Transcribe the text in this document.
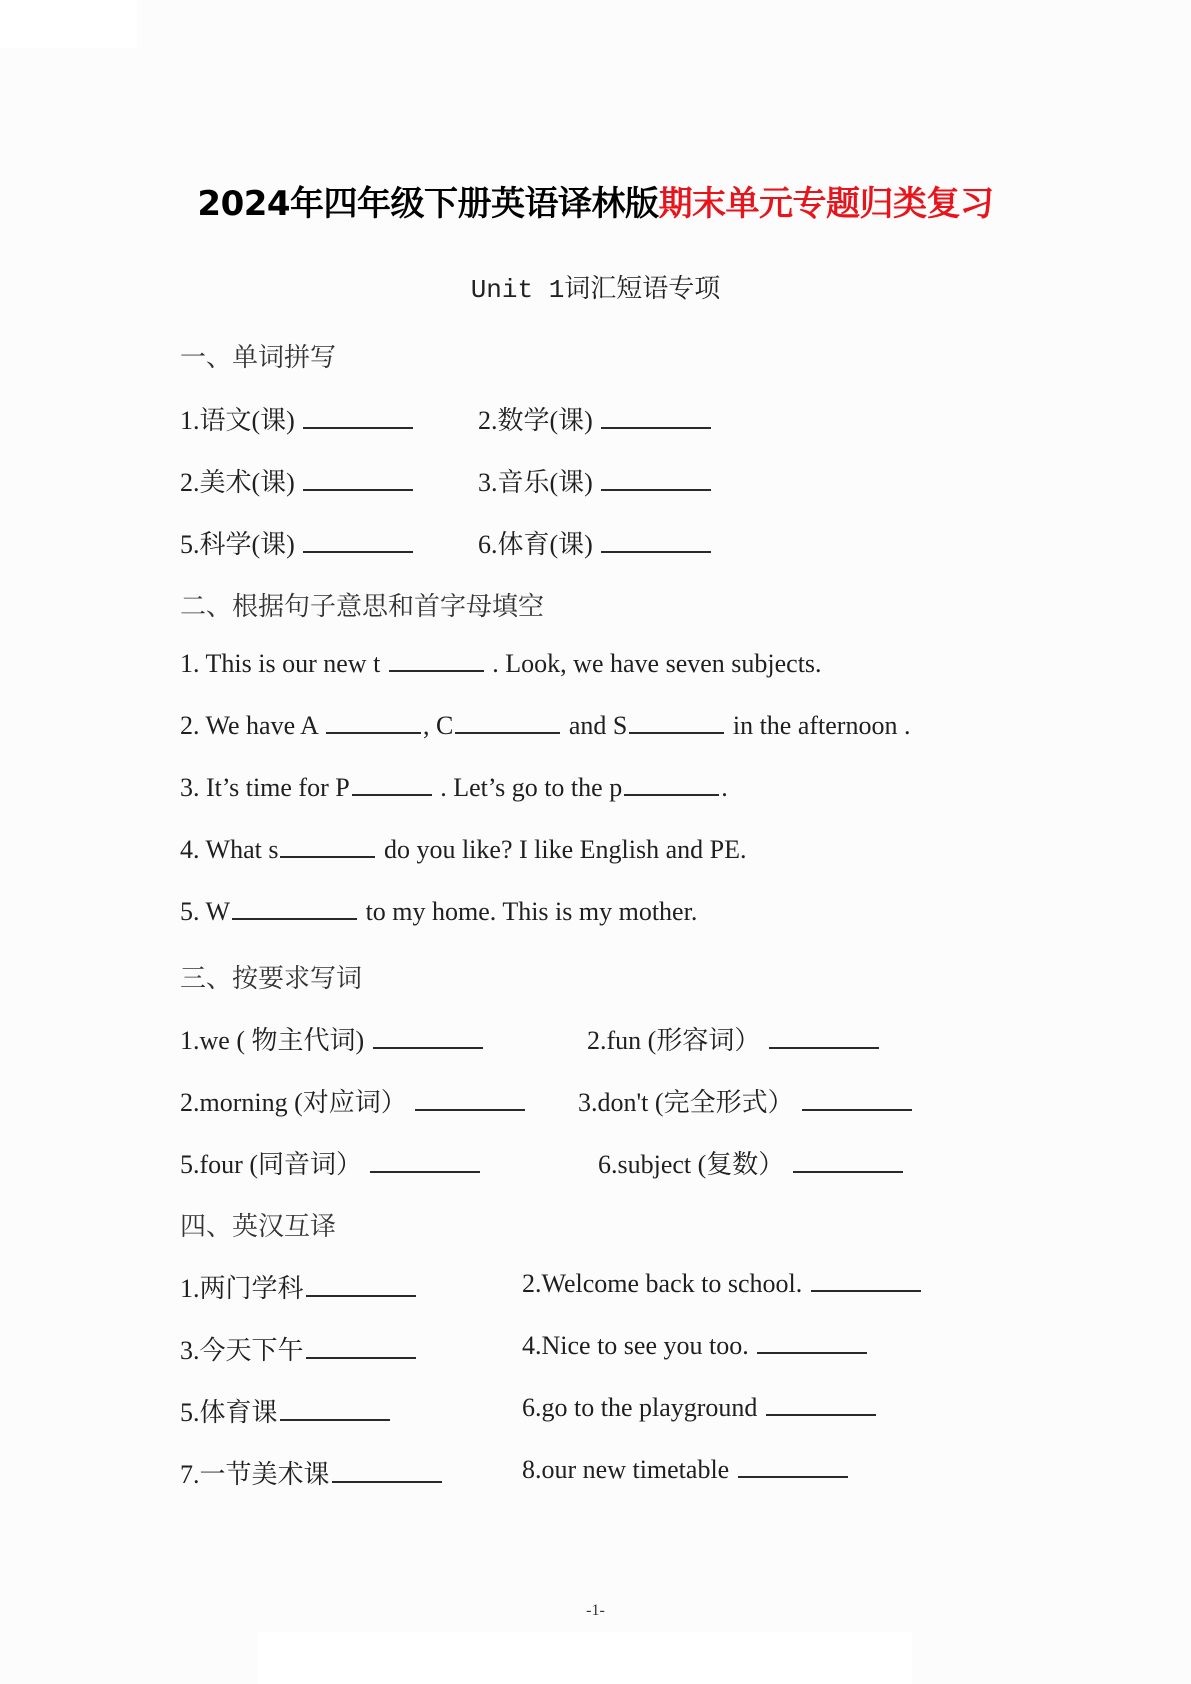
2024年四年级下册英语译林版期末单元专题归类复习
Unit 1词汇短语专项
一、单词拼写
1.语文(课)	2.数学(课)
2.美术(课)	3.音乐(课)
5.科学(课)	6.体育(课)
二、根据句子意思和首字母填空
1. This is our new t	. Look, we have seven subjects.
2. We have A	, C	and S	in the afternoon .
3. It’s time for P	. Let’s go to the p	.
4. What s	do you like? I like English and PE.
5. W	to my home. This is my mother.
三、按要求写词
1.we ( 物主代词)	2.fun (形容词）
2.morning (对应词）	3.don't (完全形式）
5.four (同音词）	6.subject (复数）
四、英汉互译
1.两门学科	2.Welcome back to school.
3.今天下午	4.Nice to see you too.
5.体育课	6.go to the playground
7.一节美术课	8.our new timetable
-1-
